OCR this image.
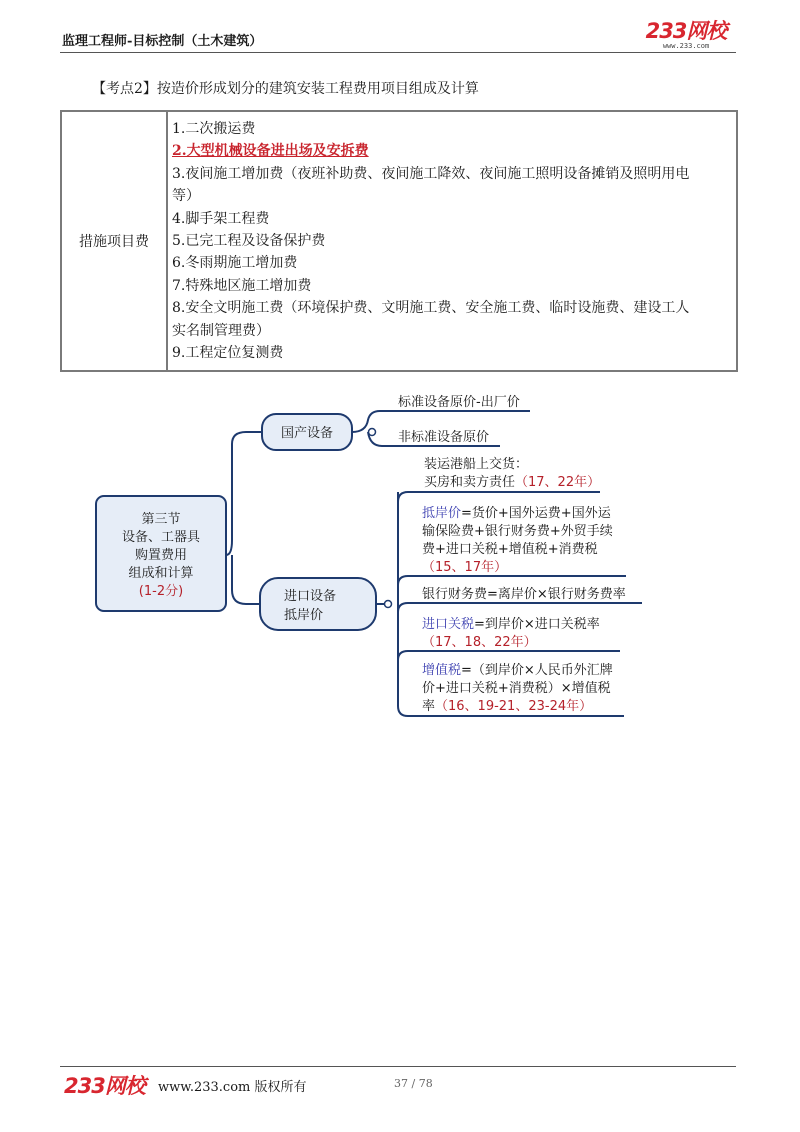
监理工程师-目标控制（土木建筑）	233网校
www.233.com
【考点2】按造价形成划分的建筑安装工程费用项目组成及计算
措施项目费	
1.二次搬运费
2.大型机械设备进出场及安拆费
3.夜间施工增加费（夜班补助费、夜间施工降效、夜间施工照明设备摊销及照明用电
等）
4.脚手架工程费
5.已完工程及设备保护费
6.冬雨期施工增加费
7.特殊地区施工增加费
8.安全文明施工费（环境保护费、文明施工费、安全施工费、临时设施费、建设工人
实名制管理费）
9.工程定位复测费
第三节
设备、工器具
购置费用
组成和计算
(1-2分)
国产设备
标准设备原价-出厂价
非标准设备原价
进口设备
抵岸价
装运港船上交货：
买房和卖方责任（17、22年）
抵岸价=货价+国外运费+国外运
输保险费+银行财务费+外贸手续
费+进口关税+增值税+消费税
（15、17年）
银行财务费=离岸价×银行财务费率
进口关税=到岸价×进口关税率
（17、18、22年）
增值税=（到岸价×人民币外汇牌
价+进口关税+消费税）×增值税
率（16、19-21、23-24年）
233网校 www.233.com 版权所有	37 / 78
